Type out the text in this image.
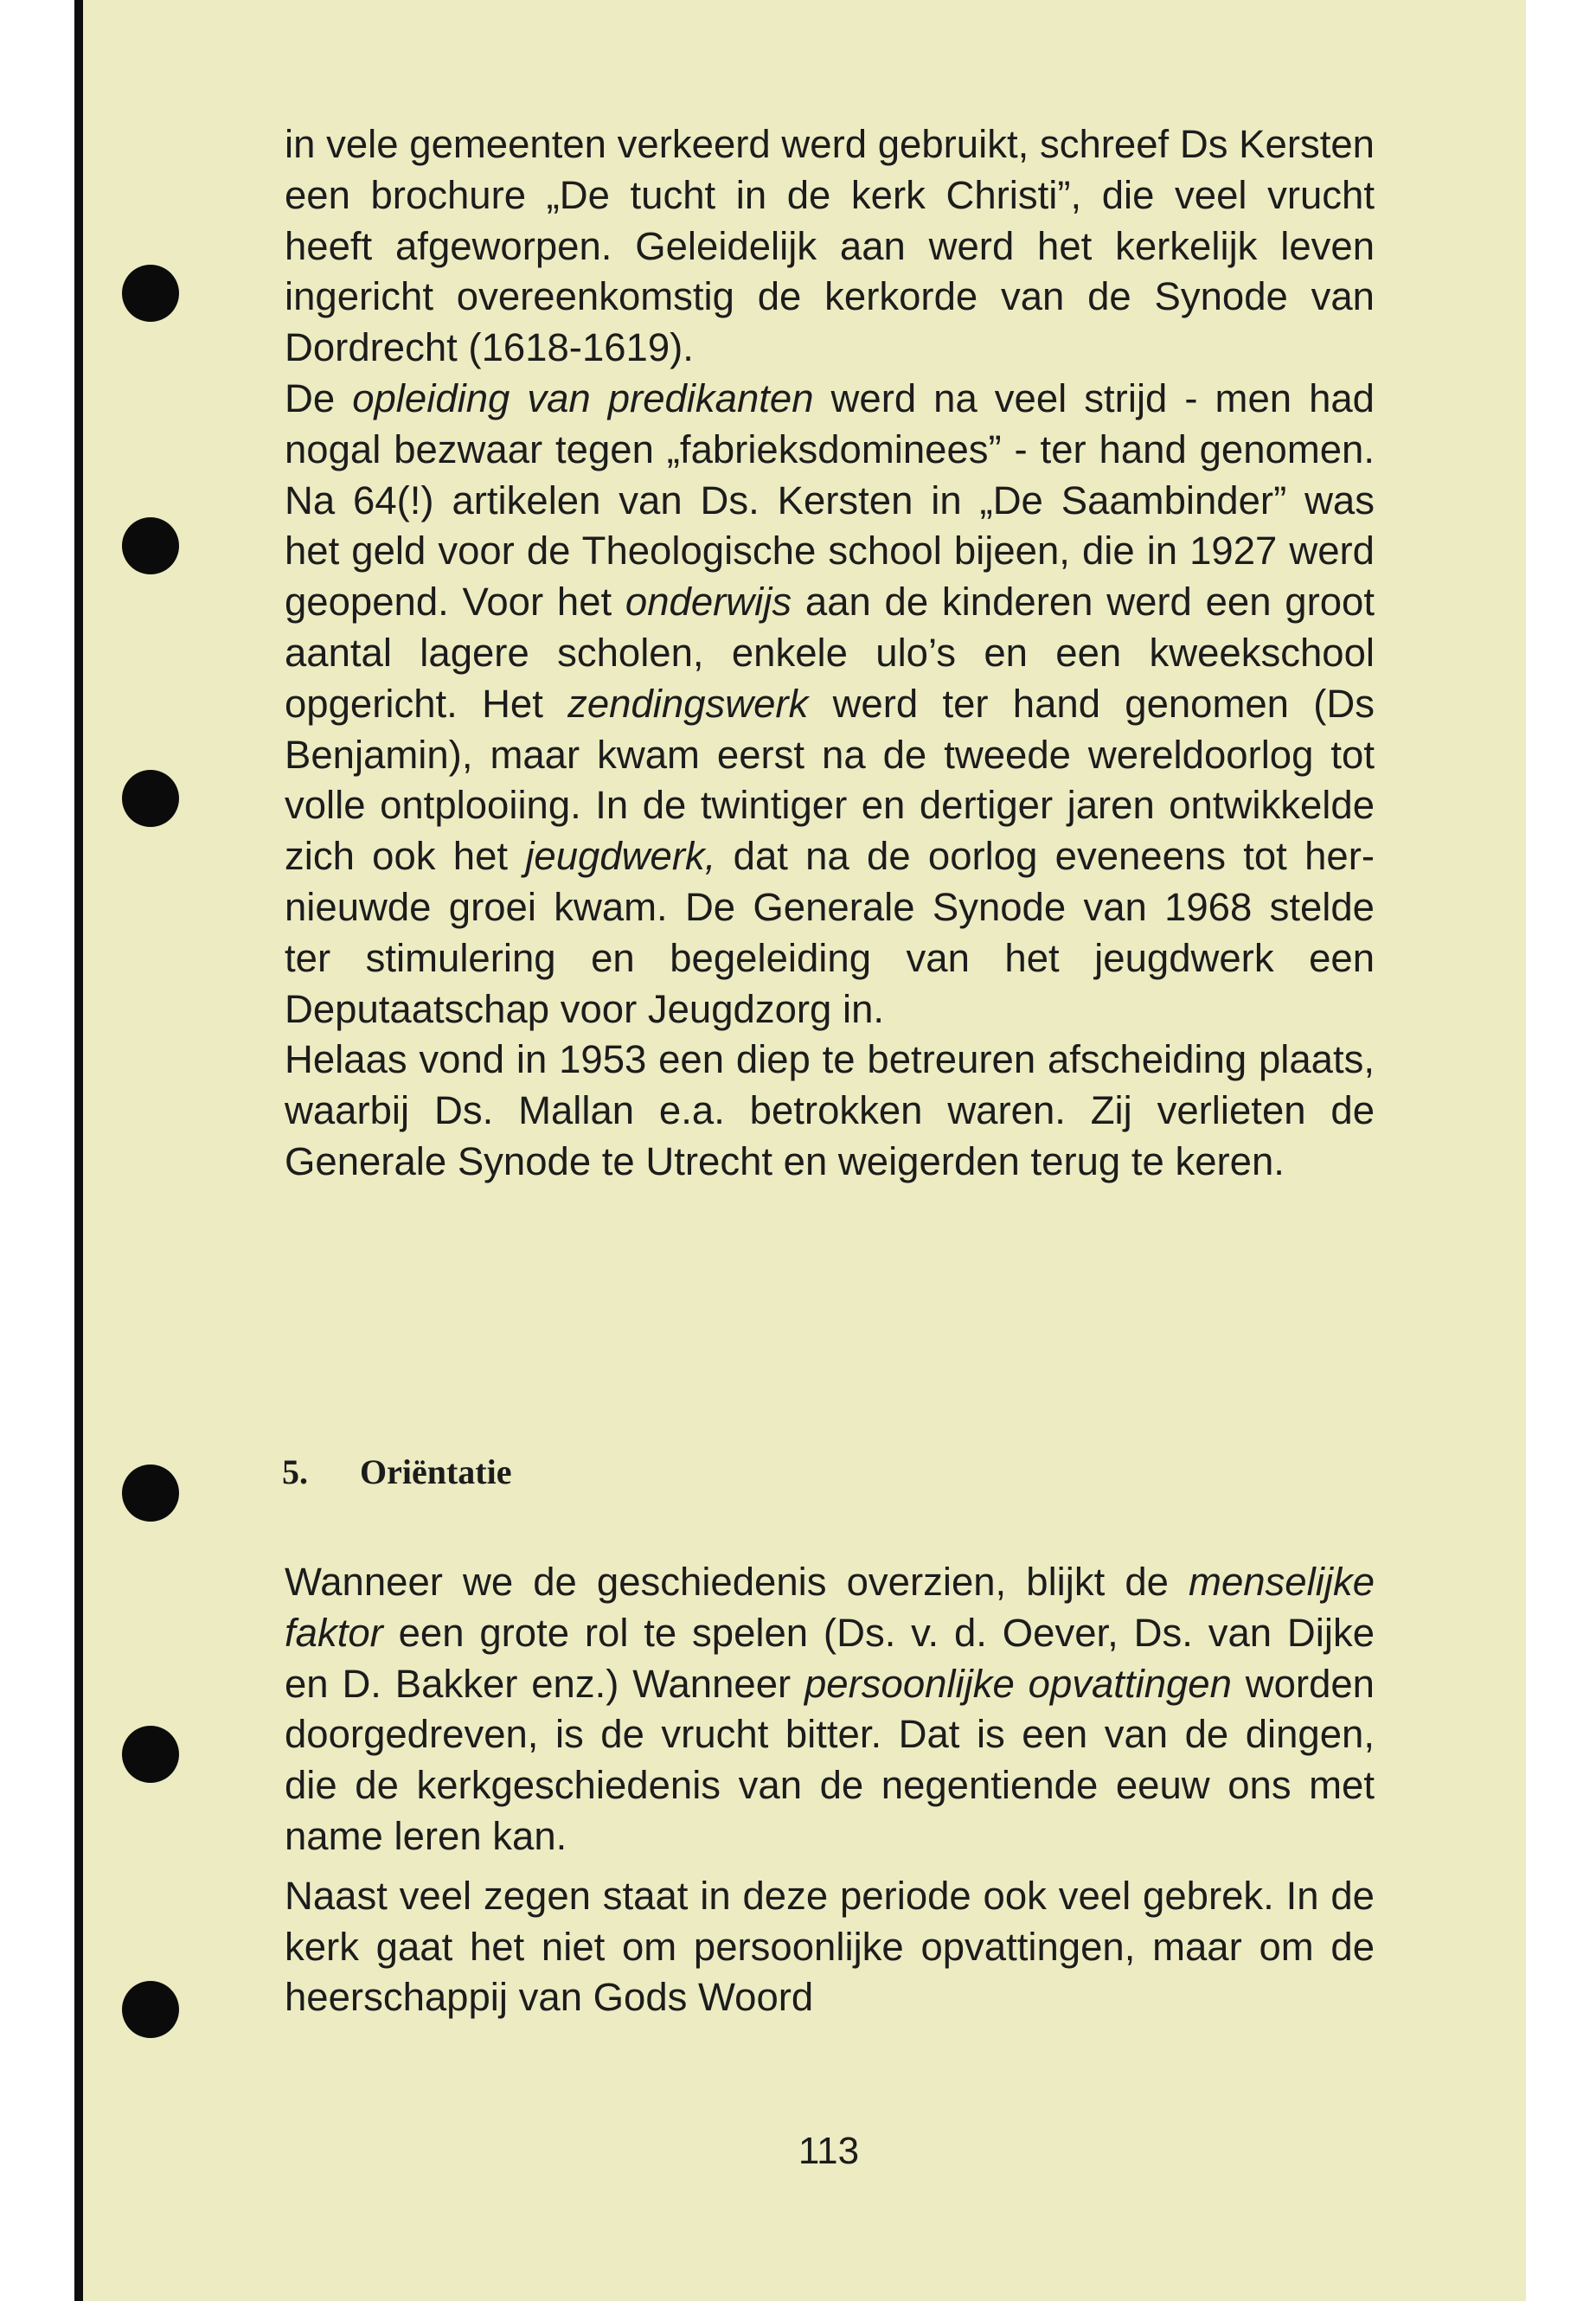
in vele gemeenten verkeerd werd gebruikt, schreef Ds Kersten een brochure „De tucht in de kerk Christi”, die veel vrucht heeft afgeworpen. Geleidelijk aan werd het kerkelijk leven ingericht overeenkomstig de kerkorde van de Synode van Dordrecht (1618-1619).

De opleiding van predikanten werd na veel strijd - men had nogal bezwaar tegen „fabrieksdominees” - ter hand genomen. Na 64(!) artikelen van Ds. Kersten in „De Saambinder” was het geld voor de Theologische school bijeen, die in 1927 werd geopend. Voor het onderwijs aan de kinderen werd een groot aantal lagere scholen, enkele ulo’s en een kweekschool opgericht. Het zendingswerk werd ter hand genomen (Ds Benjamin), maar kwam eerst na de tweede wereldoorlog tot volle ontplooiing. In de twintiger en dertiger jaren ontwikkelde zich ook het jeugdwerk, dat na de oorlog eveneens tot hernieuwde groei kwam. De Generale Synode van 1968 stelde ter stimulering en begeleiding van het jeugdwerk een Deputaatschap voor Jeugdzorg in.

Helaas vond in 1953 een diep te betreuren afscheiding plaats, waarbij Ds. Mallan e.a. betrokken waren. Zij verlieten de Generale Synode te Utrecht en weigerden terug te keren.

5. Oriëntatie

Wanneer we de geschiedenis overzien, blijkt de menselijke faktor een grote rol te spelen (Ds. v. d. Oever, Ds. van Dijke en D. Bakker enz.) Wanneer persoonlijke opvattingen worden doorgedreven, is de vrucht bitter. Dat is een van de dingen, die de kerkgeschiedenis van de negentiende eeuw ons met name leren kan.

Naast veel zegen staat in deze periode ook veel gebrek. In de kerk gaat het niet om persoonlijke opvattingen, maar om de heerschappij van Gods Woord

113
